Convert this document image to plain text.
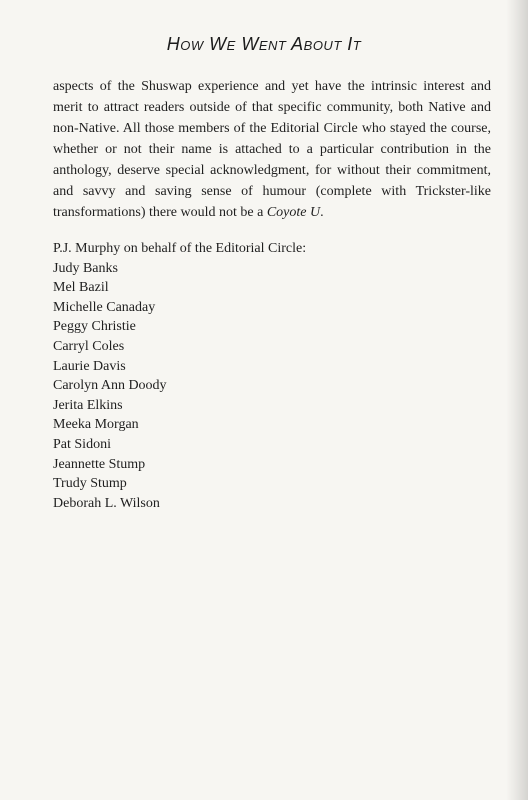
How We Went About It

aspects of the Shuswap experience and yet have the intrinsic interest and merit to attract readers outside of that specific community, both Native and non-Native. All those members of the Editorial Circle who stayed the course, whether or not their name is attached to a particular contribution in the anthology, deserve special acknowledgment, for without their commitment, and savvy and saving sense of humour (complete with Trickster-like transformations) there would not be a Coyote U.

P.J. Murphy on behalf of the Editorial Circle:

Judy Banks
Mel Bazil
Michelle Canaday
Peggy Christie
Carryl Coles
Laurie Davis
Carolyn Ann Doody
Jerita Elkins
Meeka Morgan
Pat Sidoni
Jeannette Stump
Trudy Stump
Deborah L. Wilson
